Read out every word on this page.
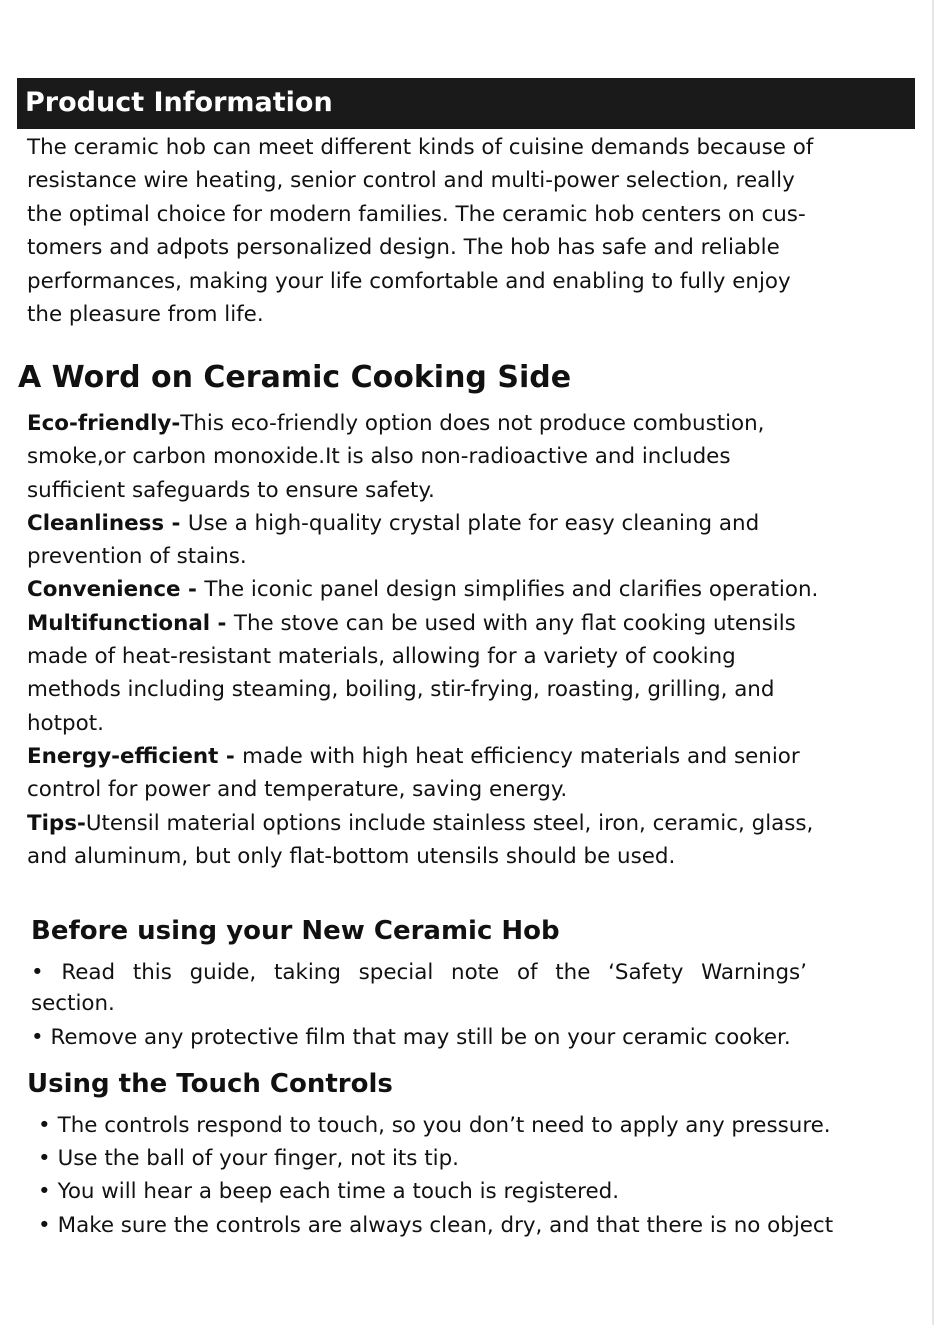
Product Information
The ceramic hob can meet different kinds of cuisine demands because of
resistance wire heating, senior control and multi-power selection, really
the optimal choice for modern families. The ceramic hob centers on cus-
tomers and adpots personalized design. The hob has safe and reliable
performances, making your life comfortable and enabling to fully enjoy
the pleasure from life.
A Word on Ceramic Cooking Side
Eco-friendly-This eco-friendly option does not produce combustion,
smoke,or carbon monoxide.It is also non-radioactive and includes
sufficient safeguards to ensure safety.
Cleanliness - Use a high-quality crystal plate for easy cleaning and
prevention of stains.
Convenience - The iconic panel design simplifies and clarifies operation.
Multifunctional - The stove can be used with any flat cooking utensils
made of heat-resistant materials, allowing for a variety of cooking
methods including steaming, boiling, stir-frying, roasting, grilling, and
hotpot.
Energy-efficient - made with high heat efficiency materials and senior
control for power and temperature, saving energy.
Tips-Utensil material options include stainless steel, iron, ceramic, glass,
and aluminum, but only flat-bottom utensils should be used.
Before using your New Ceramic Hob
• Read this guide, taking special note of the ‘Safety Warnings’
section.
• Remove any protective film that may still be on your ceramic cooker.
Using the Touch Controls
• The controls respond to touch, so you don’t need to apply any pressure.
• Use the ball of your finger, not its tip.
• You will hear a beep each time a touch is registered.
• Make sure the controls are always clean, dry, and that there is no object
